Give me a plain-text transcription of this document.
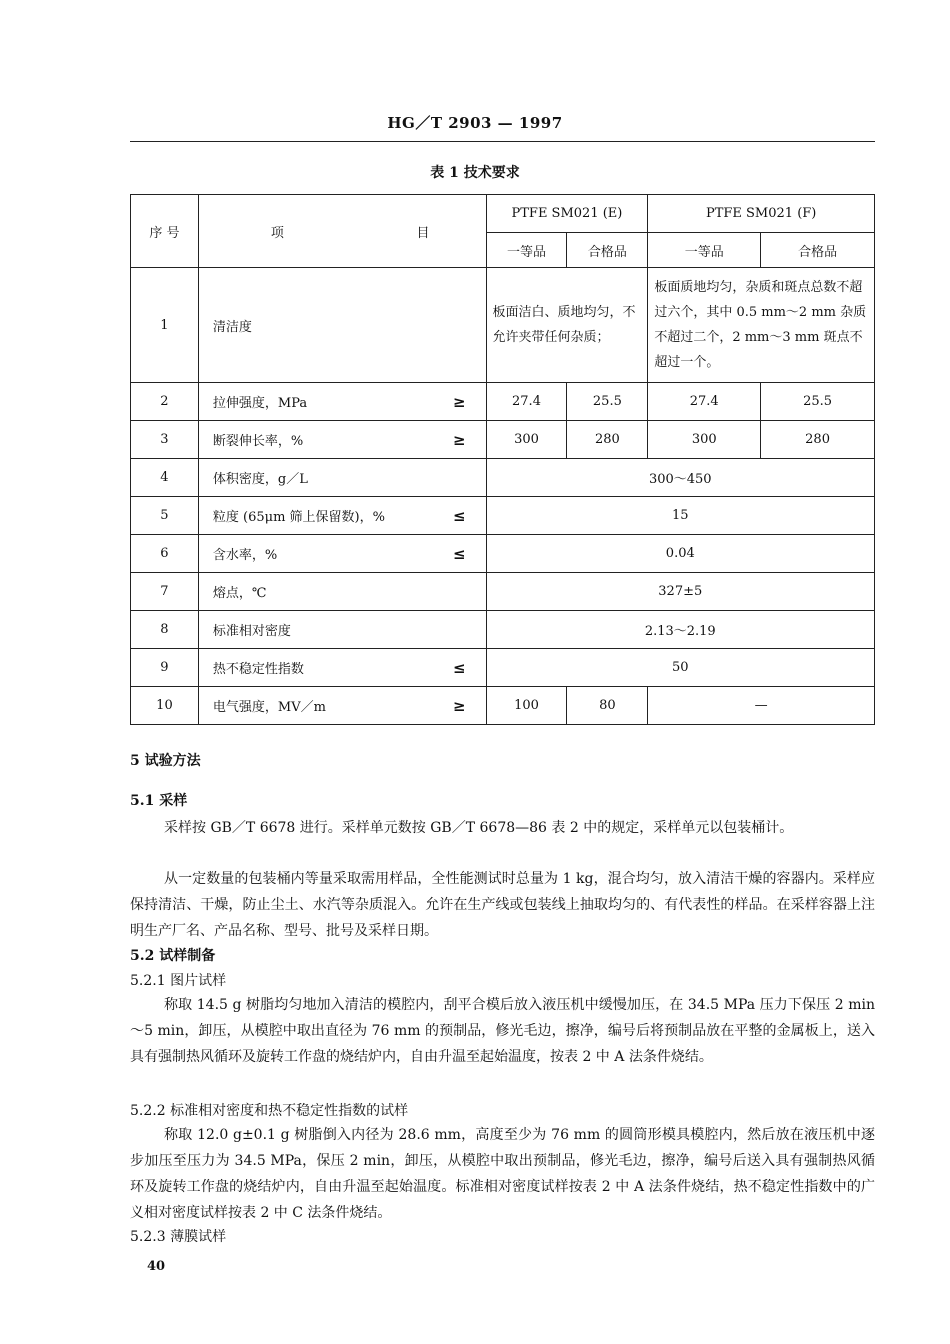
HG／T 2903 — 1997
表 1 技术要求
序 号	项 目	PTFE SM021 (E)		PTFE SM021 (F)	
		一等品	合格品	一等品	合格品
1	清洁度	板面洁白、质地均匀，不允许夹带任何杂质；		板面质地均匀，杂质和斑点总数不超过六个，其中 0.5 mm～2 mm 杂质不超过二个，2 mm～3 mm 斑点不超过一个。	
2	拉伸强度，MPa ≥	27.4	25.5	27.4	25.5
3	断裂伸长率，% ≥	300	280	300	280
4	体积密度，g／L	300～450			
5	粒度 (65μm 筛上保留数)，% ≤	15			
6	含水率，% ≤	0.04			
7	熔点，℃	327±5			
8	标准相对密度	2.13～2.19			
9	热不稳定性指数 ≤	50			
10	电气强度，MV／m ≥	100	80	—	
5 试验方法
5.1 采样
采样按 GB／T 6678 进行。采样单元数按 GB／T 6678—86 表 2 中的规定，采样单元以包装桶计。
从一定数量的包装桶内等量采取需用样品，全性能测试时总量为 1 kg，混合均匀，放入清洁干燥的容器内。采样应保持清洁、干燥，防止尘土、水汽等杂质混入。允许在生产线或包装线上抽取均匀的、有代表性的样品。在采样容器上注明生产厂名、产品名称、型号、批号及采样日期。
5.2 试样制备
5.2.1 图片试样
称取 14.5 g 树脂均匀地加入清洁的模腔内，刮平合模后放入液压机中缓慢加压，在 34.5 MPa 压力下保压 2 min～5 min，卸压，从模腔中取出直径为 76 mm 的预制品，修光毛边，擦净，编号后将预制品放在平整的金属板上，送入具有强制热风循环及旋转工作盘的烧结炉内，自由升温至起始温度，按表 2 中 A 法条件烧结。
5.2.2 标准相对密度和热不稳定性指数的试样
称取 12.0 g±0.1 g 树脂倒入内径为 28.6 mm，高度至少为 76 mm 的圆筒形模具模腔内，然后放在液压机中逐步加压至压力为 34.5 MPa，保压 2 min，卸压，从模腔中取出预制品，修光毛边，擦净，编号后送入具有强制热风循环及旋转工作盘的烧结炉内，自由升温至起始温度。标准相对密度试样按表 2 中 A 法条件烧结，热不稳定性指数中的广义相对密度试样按表 2 中 C 法条件烧结。
5.2.3 薄膜试样
40
